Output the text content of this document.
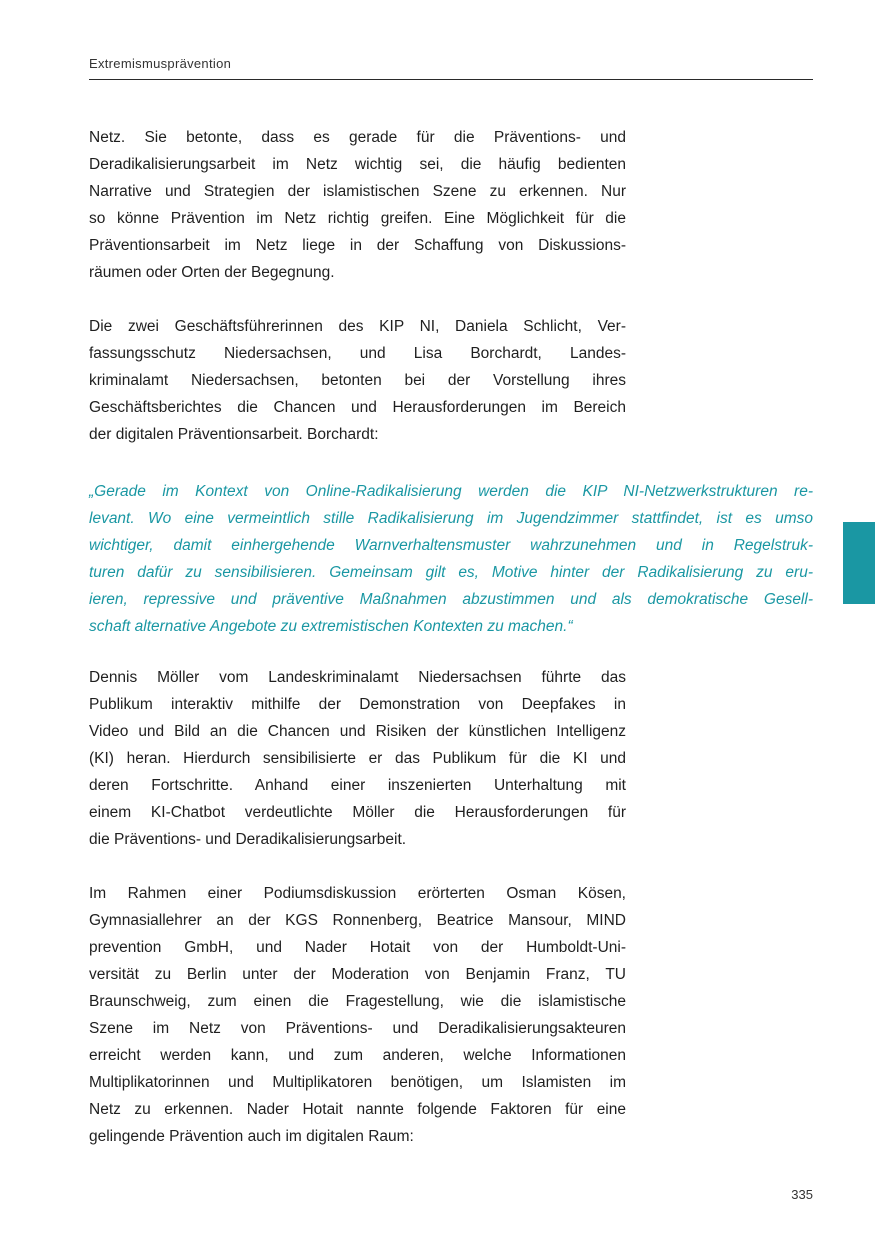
Extremismusprävention

Netz. Sie betonte, dass es gerade für die Präventions- und
Deradikalisierungsarbeit im Netz wichtig sei, die häufig bedienten
Narrative und Strategien der islamistischen Szene zu erkennen. Nur
so könne Prävention im Netz richtig greifen. Eine Möglichkeit für die
Präventionsarbeit im Netz liege in der Schaffung von Diskussions-
räumen oder Orten der Begegnung.

Die zwei Geschäftsführerinnen des KIP NI, Daniela Schlicht, Ver-
fassungsschutz Niedersachsen, und Lisa Borchardt, Landes-
kriminalamt Niedersachsen, betonten bei der Vorstellung ihres
Geschäftsberichtes die Chancen und Herausforderungen im Bereich
der digitalen Präventionsarbeit. Borchardt:

„Gerade im Kontext von Online-Radikalisierung werden die KIP NI-Netzwerkstrukturen re-
levant. Wo eine vermeintlich stille Radikalisierung im Jugendzimmer stattfindet, ist es umso
wichtiger, damit einhergehende Warnverhaltensmuster wahrzunehmen und in Regelstruk-
turen dafür zu sensibilisieren. Gemeinsam gilt es, Motive hinter der Radikalisierung zu eru-
ieren, repressive und präventive Maßnahmen abzustimmen und als demokratische Gesell-
schaft alternative Angebote zu extremistischen Kontexten zu machen.“

Dennis Möller vom Landeskriminalamt Niedersachsen führte das
Publikum interaktiv mithilfe der Demonstration von Deepfakes in
Video und Bild an die Chancen und Risiken der künstlichen Intelligenz
(KI) heran. Hierdurch sensibilisierte er das Publikum für die KI und
deren Fortschritte. Anhand einer inszenierten Unterhaltung mit
einem KI-Chatbot verdeutlichte Möller die Herausforderungen für
die Präventions- und Deradikalisierungsarbeit.

Im Rahmen einer Podiumsdiskussion erörterten Osman Kösen,
Gymnasiallehrer an der KGS Ronnenberg, Beatrice Mansour, MIND
prevention GmbH, und Nader Hotait von der Humboldt-Uni-
versität zu Berlin unter der Moderation von Benjamin Franz, TU
Braunschweig, zum einen die Fragestellung, wie die islamistische
Szene im Netz von Präventions- und Deradikalisierungsakteuren
erreicht werden kann, und zum anderen, welche Informationen
Multiplikatorinnen und Multiplikatoren benötigen, um Islamisten im
Netz zu erkennen. Nader Hotait nannte folgende Faktoren für eine
gelingende Prävention auch im digitalen Raum:

335
